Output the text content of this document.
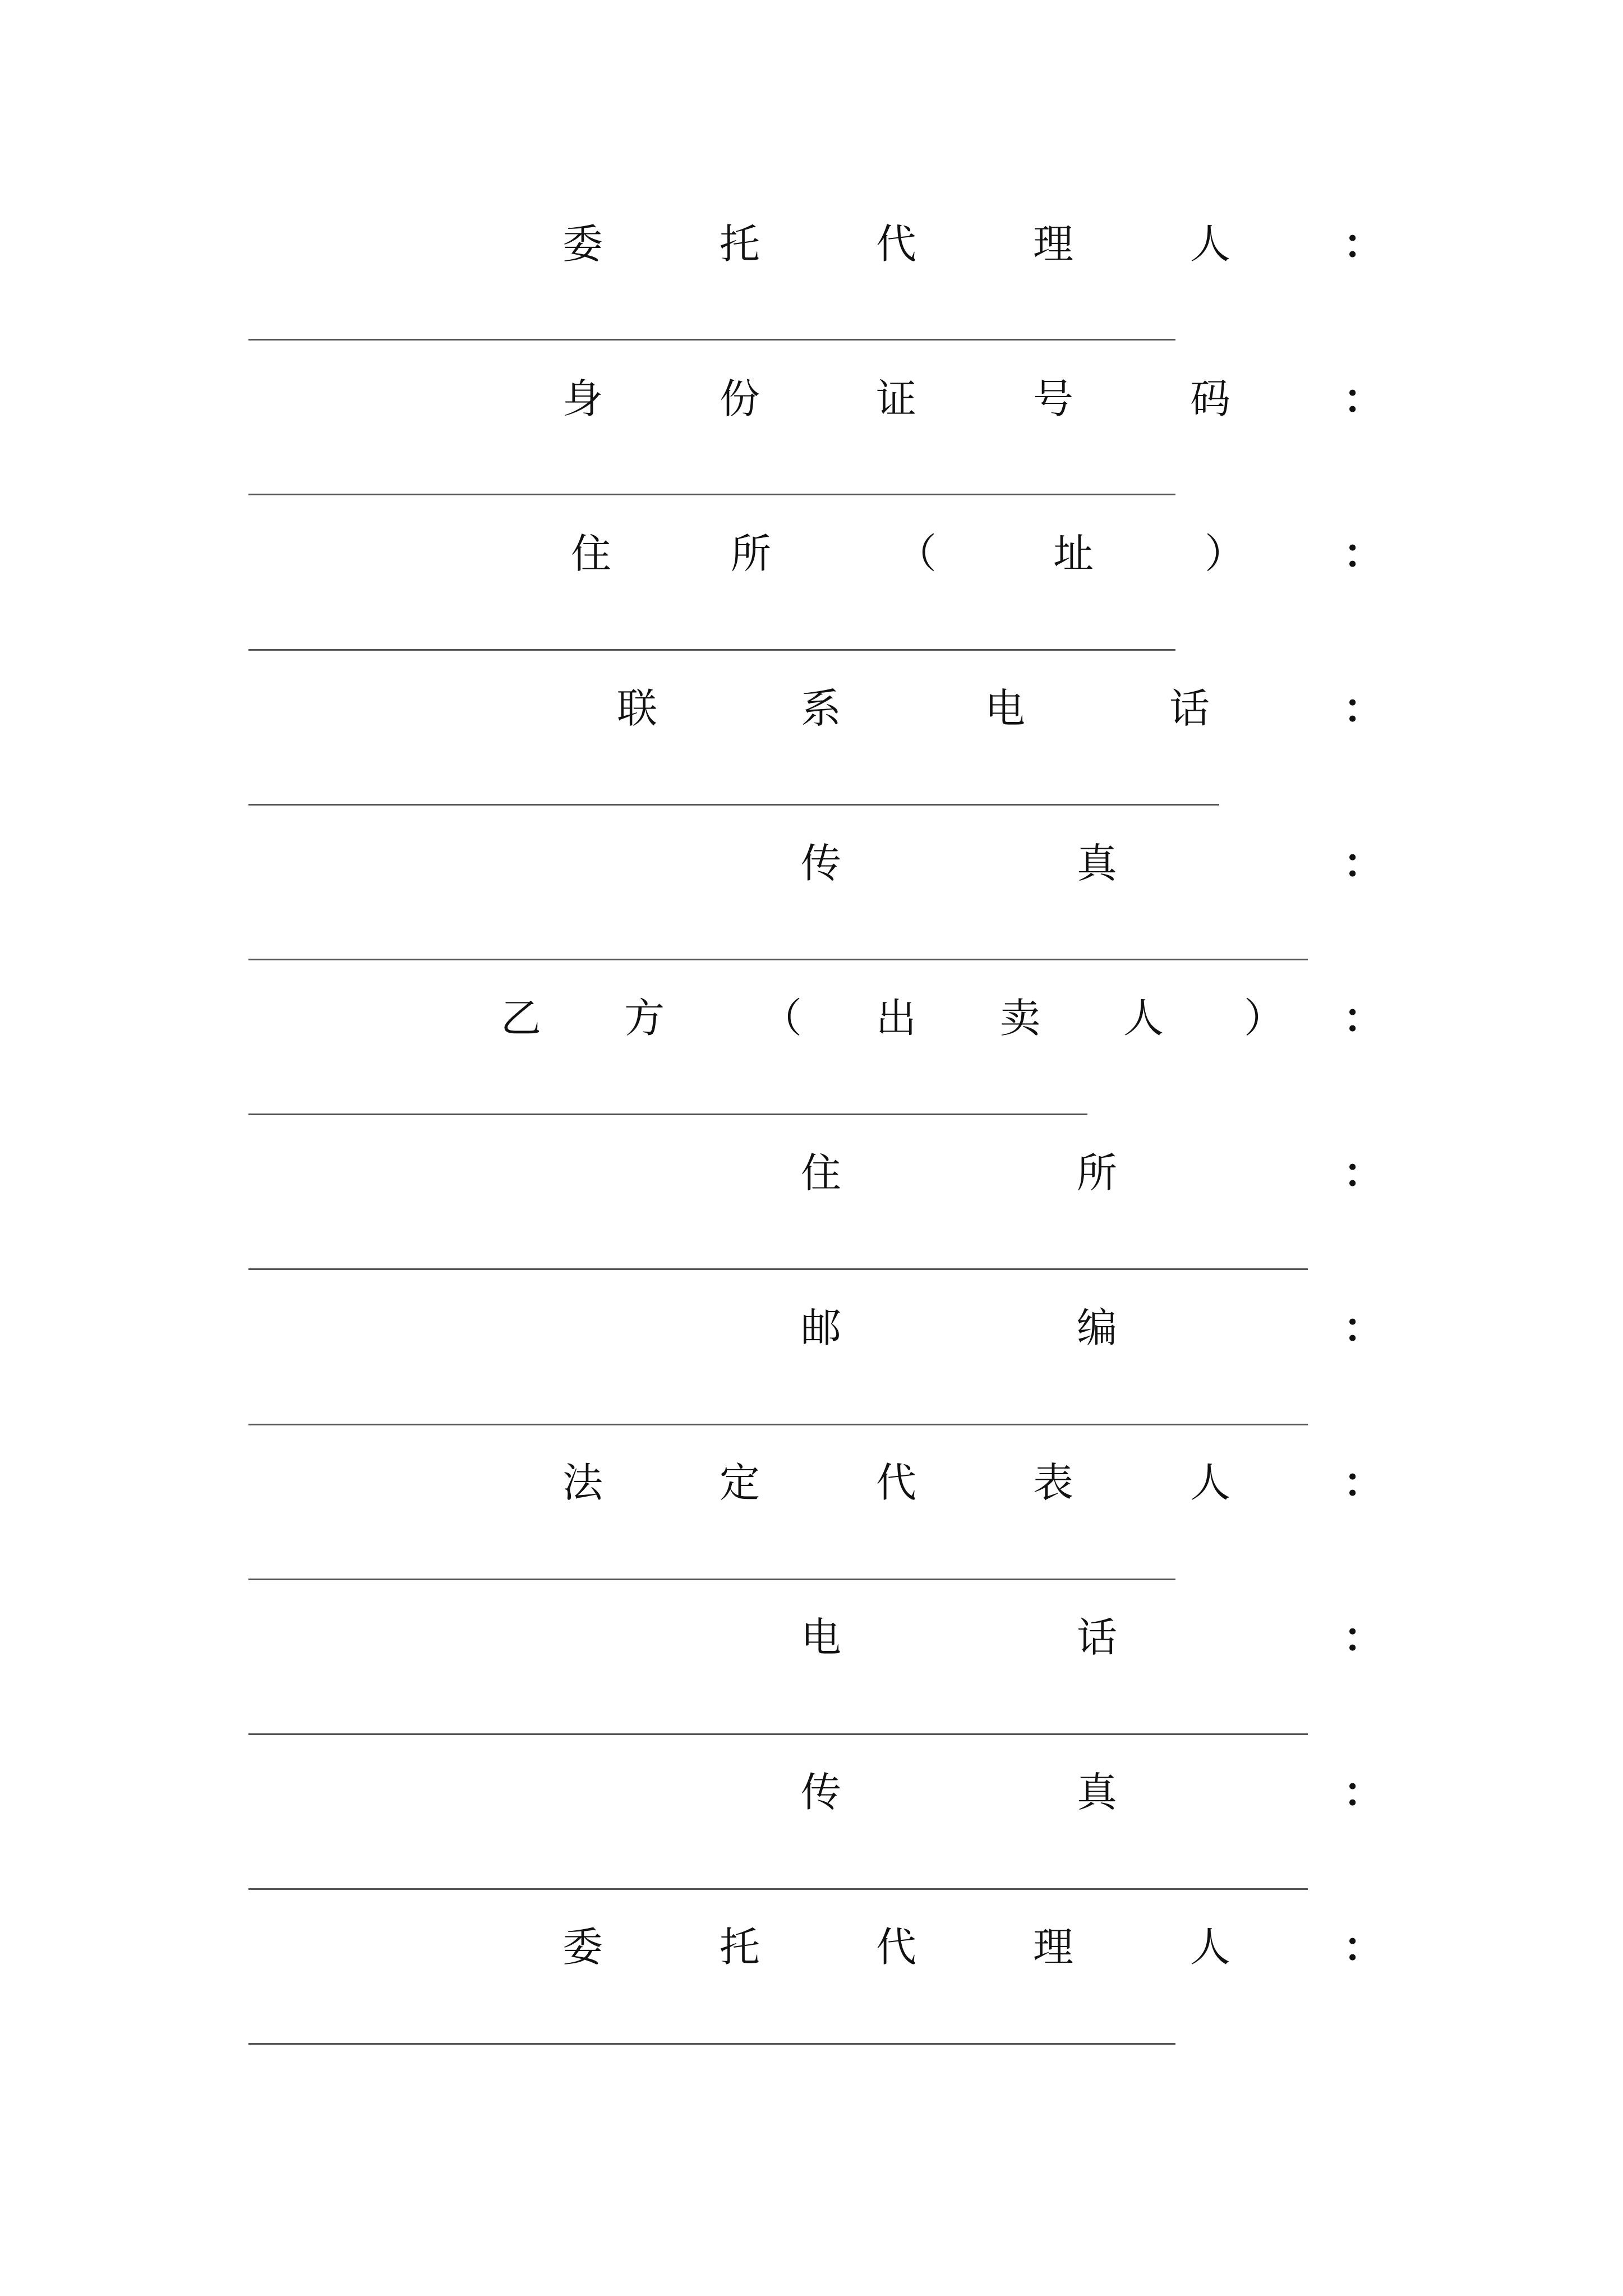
委	托	代	理	人	：
身	份	证	号	码	：
住	所	（	址	） ：
联	系	电	话	：
传	真	：
乙 方 （ 出 卖 人 ） ：
住	所	：
邮	编	：
法	定	代	表	人	：
电	话	：
传	真	：
委	托	代	理	人	：
